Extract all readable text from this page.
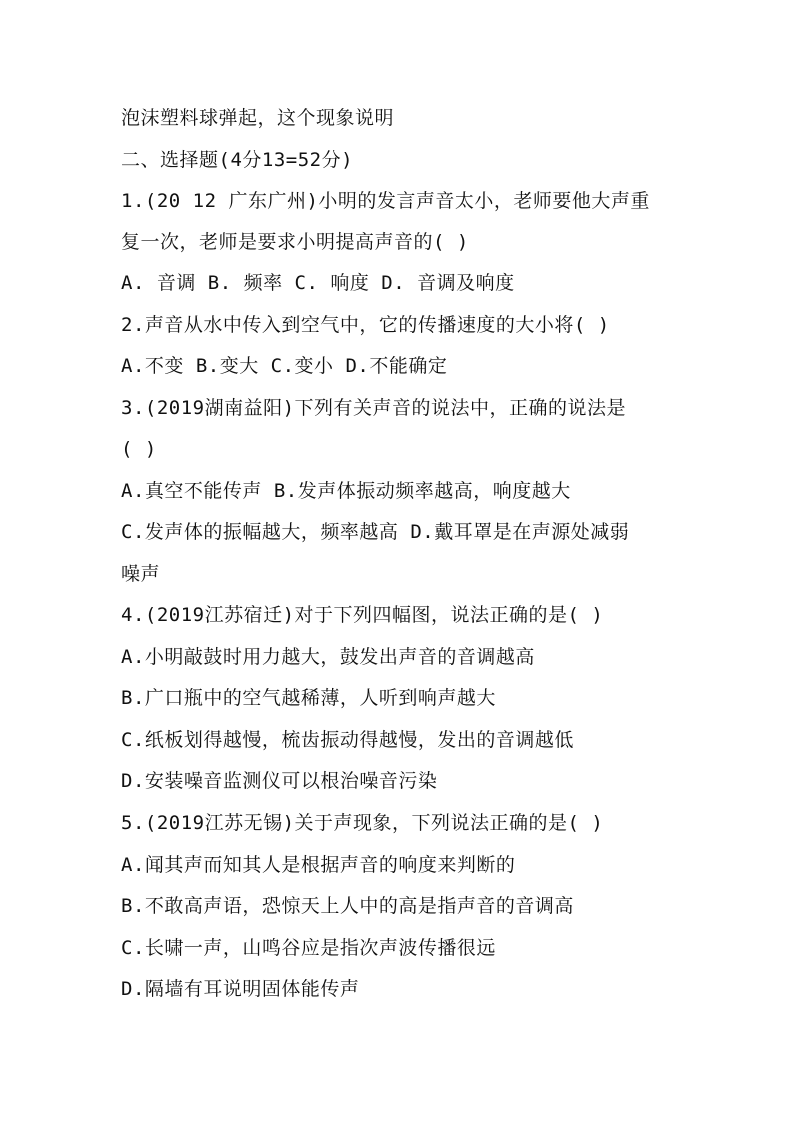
泡沫塑料球弹起，这个现象说明
二、选择题(4分13=52分)
1.(20 12 广东广州)小明的发言声音太小，老师要他大声重
复一次，老师是要求小明提高声音的( )
A. 音调 B. 频率 C. 响度 D. 音调及响度
2.声音从水中传入到空气中，它的传播速度的大小将( )
A.不变 B.变大 C.变小 D.不能确定
3.(2019湖南益阳)下列有关声音的说法中，正确的说法是
( )
A.真空不能传声 B.发声体振动频率越高，响度越大
C.发声体的振幅越大，频率越高 D.戴耳罩是在声源处减弱
噪声
4.(2019江苏宿迁)对于下列四幅图，说法正确的是( )
A.小明敲鼓时用力越大，鼓发出声音的音调越高
B.广口瓶中的空气越稀薄，人听到响声越大
C.纸板划得越慢，梳齿振动得越慢，发出的音调越低
D.安装噪音监测仪可以根治噪音污染
5.(2019江苏无锡)关于声现象，下列说法正确的是( )
A.闻其声而知其人是根据声音的响度来判断的
B.不敢高声语，恐惊天上人中的高是指声音的音调高
C.长啸一声，山鸣谷应是指次声波传播很远
D.隔墙有耳说明固体能传声
